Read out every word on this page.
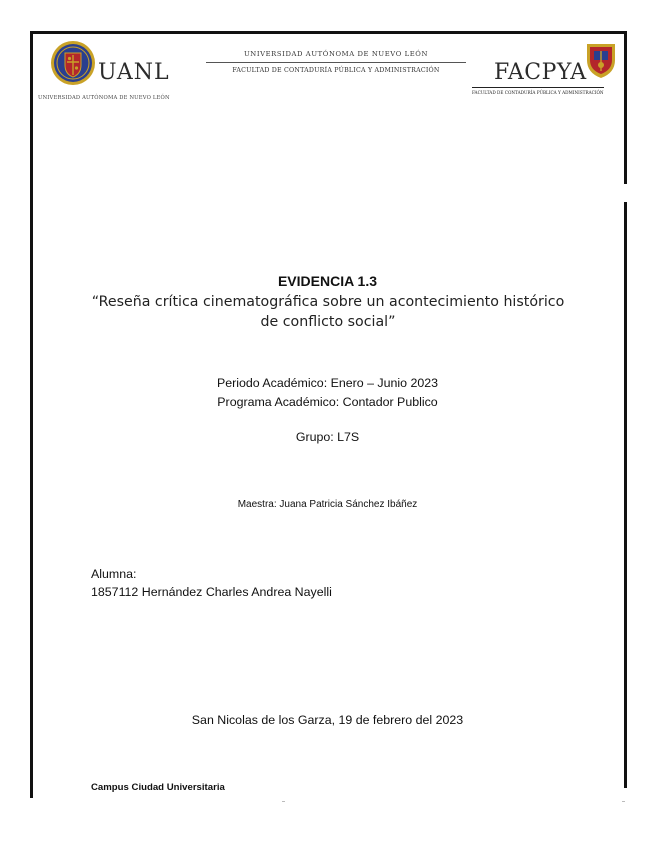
UANL
UNIVERSIDAD AUTÓNOMA DE NUEVO LEÓN
UNIVERSIDAD AUTÓNOMA DE NUEVO LEÓN
FACULTAD DE CONTADURÍA PÚBLICA Y ADMINISTRACIÓN	FACPYA
FACULTAD DE CONTADURÍA PÚBLICA Y ADMINISTRACIÓN
EVIDENCIA 1.3
“Reseña crítica cinematográfica sobre un acontecimiento histórico de conflicto social”
Periodo Académico: Enero – Junio 2023
Programa Académico: Contador Publico
Grupo: L7S
Maestra: Juana Patricia Sánchez Ibáñez
Alumna:
1857112 Hernández Charles Andrea Nayelli
San Nicolas de los Garza, 19 de febrero del 2023
Campus Ciudad Universitaria
